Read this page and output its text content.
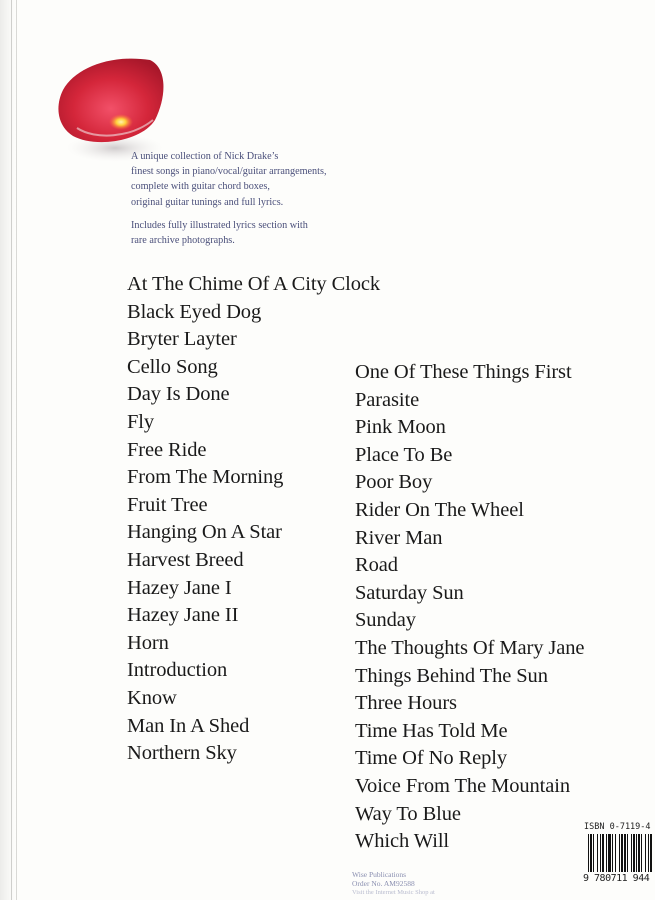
A unique collection of Nick Drake’s
finest songs in piano/vocal/guitar arrangements,
complete with guitar chord boxes,
original guitar tunings and full lyrics.

Includes fully illustrated lyrics section with
rare archive photographs.

At The Chime Of A City Clock
Black Eyed Dog
Bryter Layter
Cello Song
Day Is Done
Fly
Free Ride
From The Morning
Fruit Tree
Hanging On A Star
Harvest Breed
Hazey Jane I
Hazey Jane II
Horn
Introduction
Know
Man In A Shed
Northern Sky
One Of These Things First
Parasite
Pink Moon
Place To Be
Poor Boy
Rider On The Wheel
River Man
Road
Saturday Sun
Sunday
The Thoughts Of Mary Jane
Things Behind The Sun
Three Hours
Time Has Told Me
Time Of No Reply
Voice From The Mountain
Way To Blue
Which Will
Wise Publications
Order No. AM92588
Visit the Internet Music Shop at
ISBN 0-7119-4
9 780711 944
